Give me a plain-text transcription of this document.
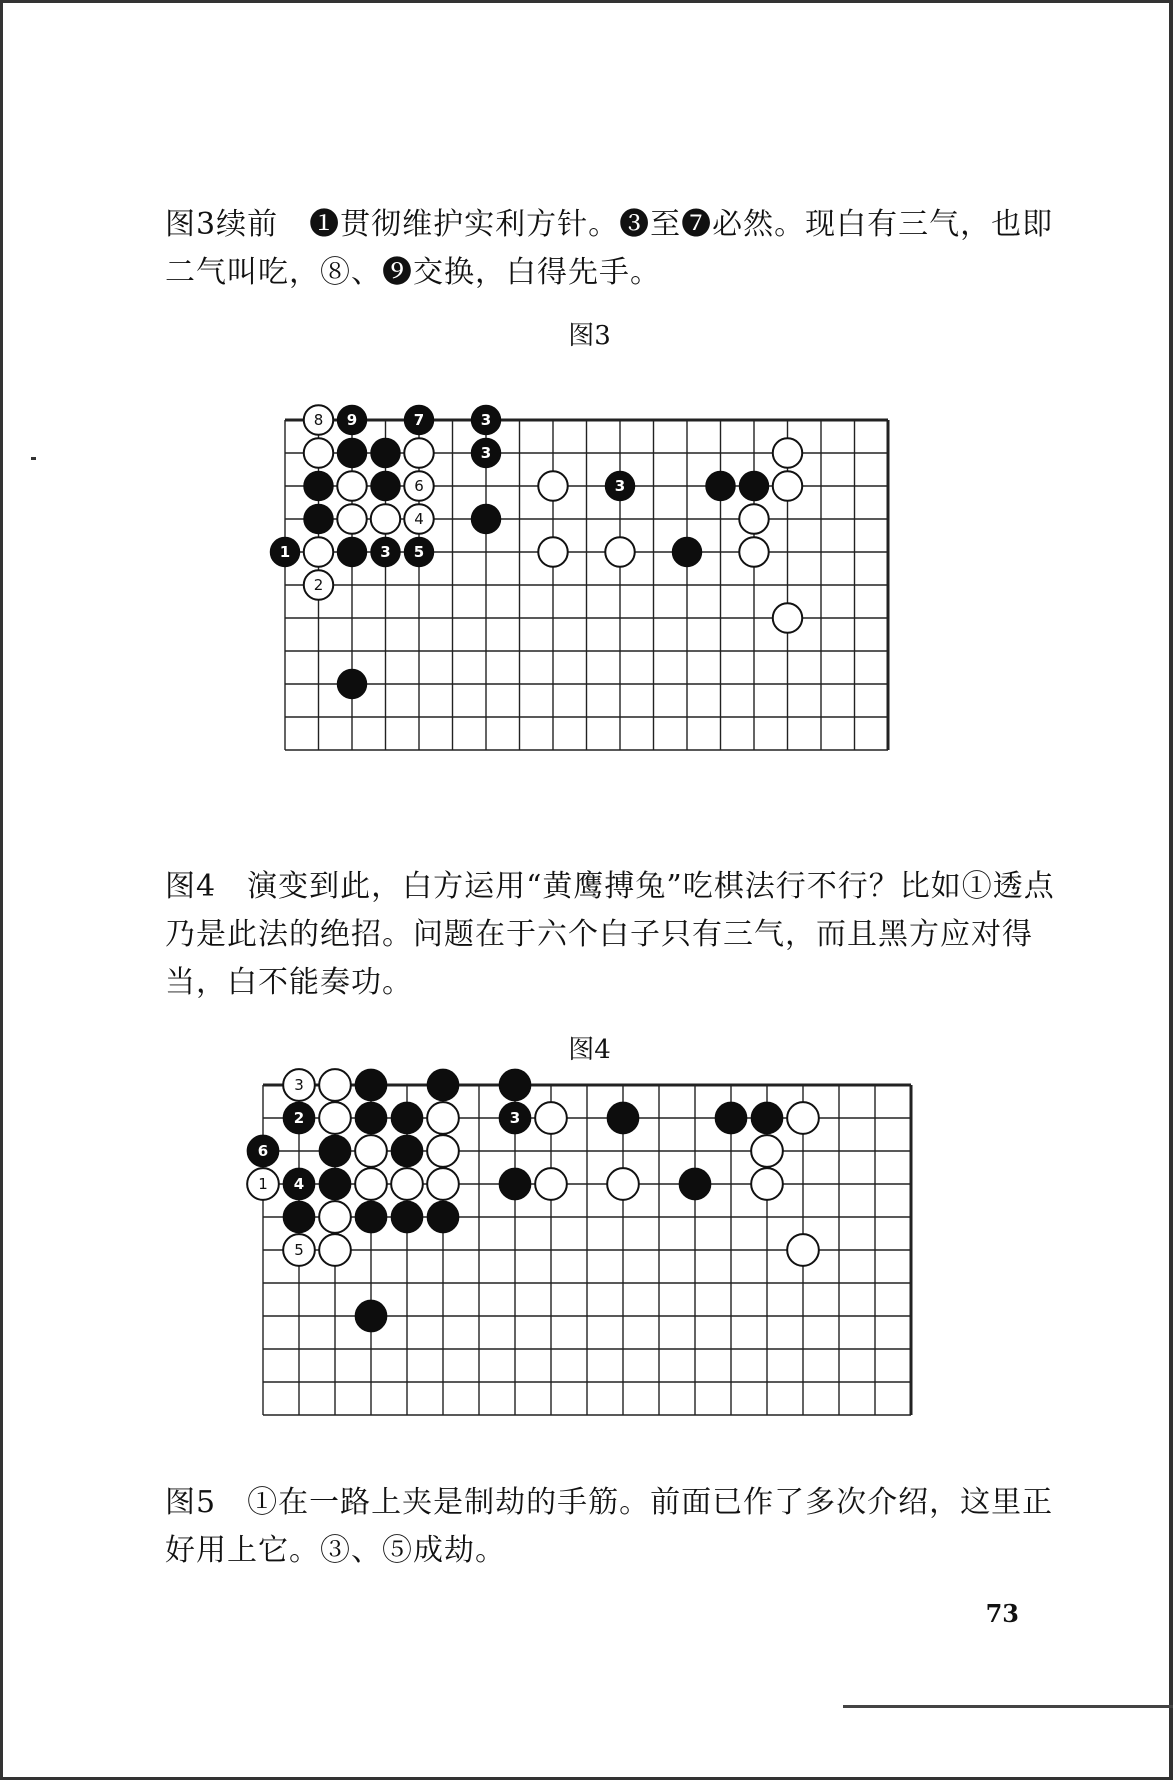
图3续前　❶贯彻维护实利方针。❸至❼必然。现白有三气，也即二气叫吃，⑧、❾交换，白得先手。

图3
8 9	7	3
3
6	3
4
1	3 5
2

图4　演变到此，白方运用“黄鹰搏兔”吃棋法行不行？比如①透点乃是此法的绝招。问题在于六个白子只有三气，而且黑方应对得当，白不能奏功。

图4
3
2	3
6
1 4
5

图5　①在一路上夹是制劫的手筋。前面已作了多次介绍，这里正好用上它。③、⑤成劫。

73
